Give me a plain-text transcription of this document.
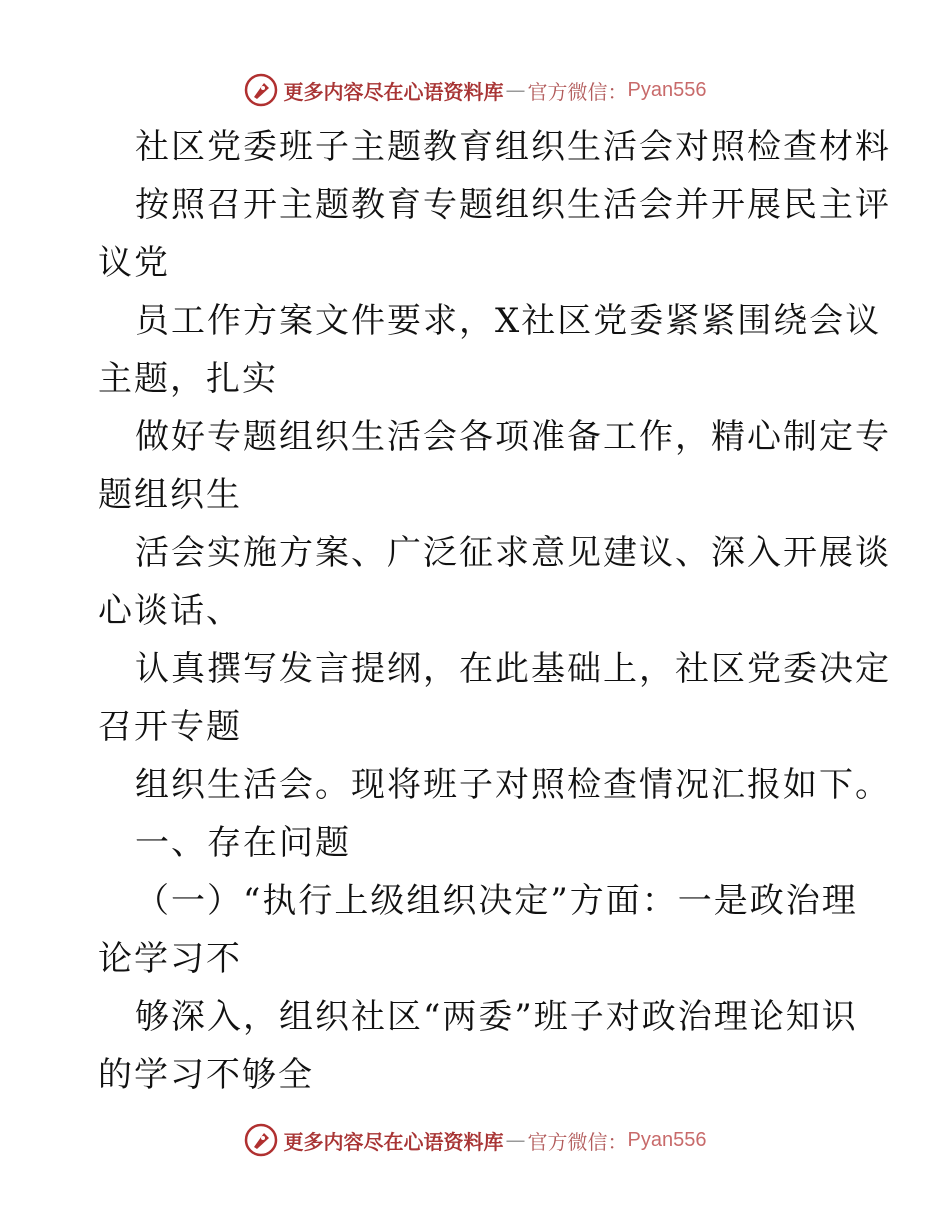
更多内容尽在心语资料库 — 官方微信： Pyan556
社区党委班子主题教育组织生活会对照检查材料
按照召开主题教育专题组织生活会并开展民主评
议党
员工作方案文件要求，X社区党委紧紧围绕会议
主题，扎实
做好专题组织生活会各项准备工作，精心制定专
题组织生
活会实施方案、广泛征求意见建议、深入开展谈
心谈话、
认真撰写发言提纲，在此基础上，社区党委决定
召开专题
组织生活会。现将班子对照检查情况汇报如下。
一、存在问题
（一）“执行上级组织决定”方面：一是政治理
论学习不
够深入，组织社区“两委”班子对政治理论知识
的学习不够全
更多内容尽在心语资料库 — 官方微信： Pyan556
